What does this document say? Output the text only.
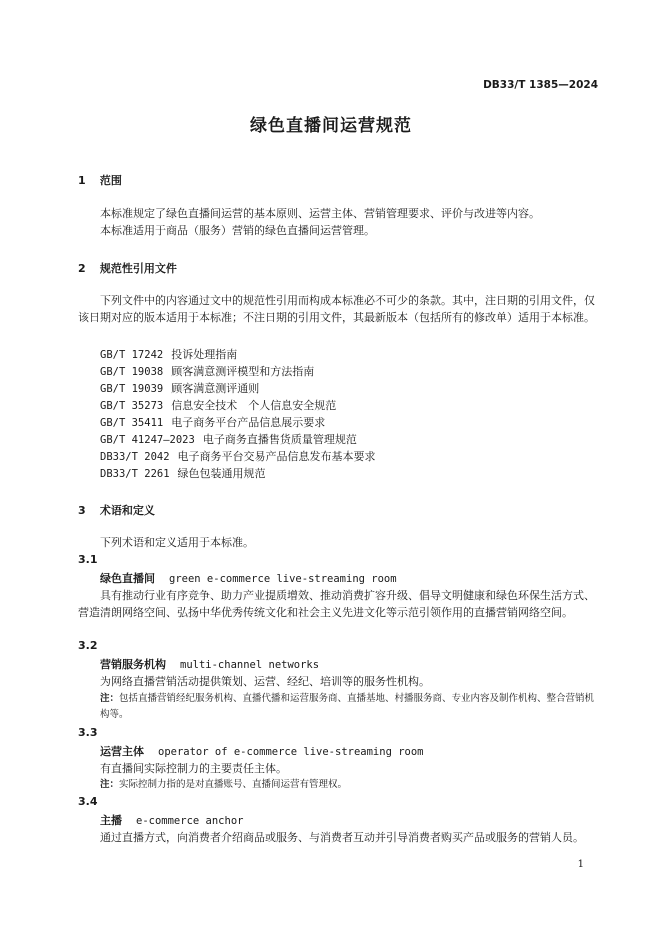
DB33/T 1385—2024
绿色直播间运营规范
1 范围
本标准规定了绿色直播间运营的基本原则、运营主体、营销管理要求、评价与改进等内容。
本标准适用于商品（服务）营销的绿色直播间运营管理。
2 规范性引用文件
下列文件中的内容通过文中的规范性引用而构成本标准必不可少的条款。其中，注日期的引用文件，仅该日期对应的版本适用于本标准；不注日期的引用文件，其最新版本（包括所有的修改单）适用于本标准。
GB/T 17242 投诉处理指南
GB/T 19038 顾客满意测评模型和方法指南
GB/T 19039 顾客满意测评通则
GB/T 35273 信息安全技术　个人信息安全规范
GB/T 35411 电子商务平台产品信息展示要求
GB/T 41247—2023 电子商务直播售货质量管理规范
DB33/T 2042 电子商务平台交易产品信息发布基本要求
DB33/T 2261 绿色包装通用规范
3 术语和定义
下列术语和定义适用于本标准。
3.1
绿色直播间 green e-commerce live-streaming room
具有推动行业有序竞争、助力产业提质增效、推动消费扩容升级、倡导文明健康和绿色环保生活方式、营造清朗网络空间、弘扬中华优秀传统文化和社会主义先进文化等示范引领作用的直播营销网络空间。
3.2
营销服务机构 multi-channel networks
为网络直播营销活动提供策划、运营、经纪、培训等的服务性机构。
注：包括直播营销经纪服务机构、直播代播和运营服务商、直播基地、村播服务商、专业内容及制作机构、整合营销机构等。
3.3
运营主体 operator of e-commerce live-streaming room
有直播间实际控制力的主要责任主体。
注：实际控制力指的是对直播账号、直播间运营有管理权。
3.4
主播 e-commerce anchor
通过直播方式，向消费者介绍商品或服务、与消费者互动并引导消费者购买产品或服务的营销人员。
1
